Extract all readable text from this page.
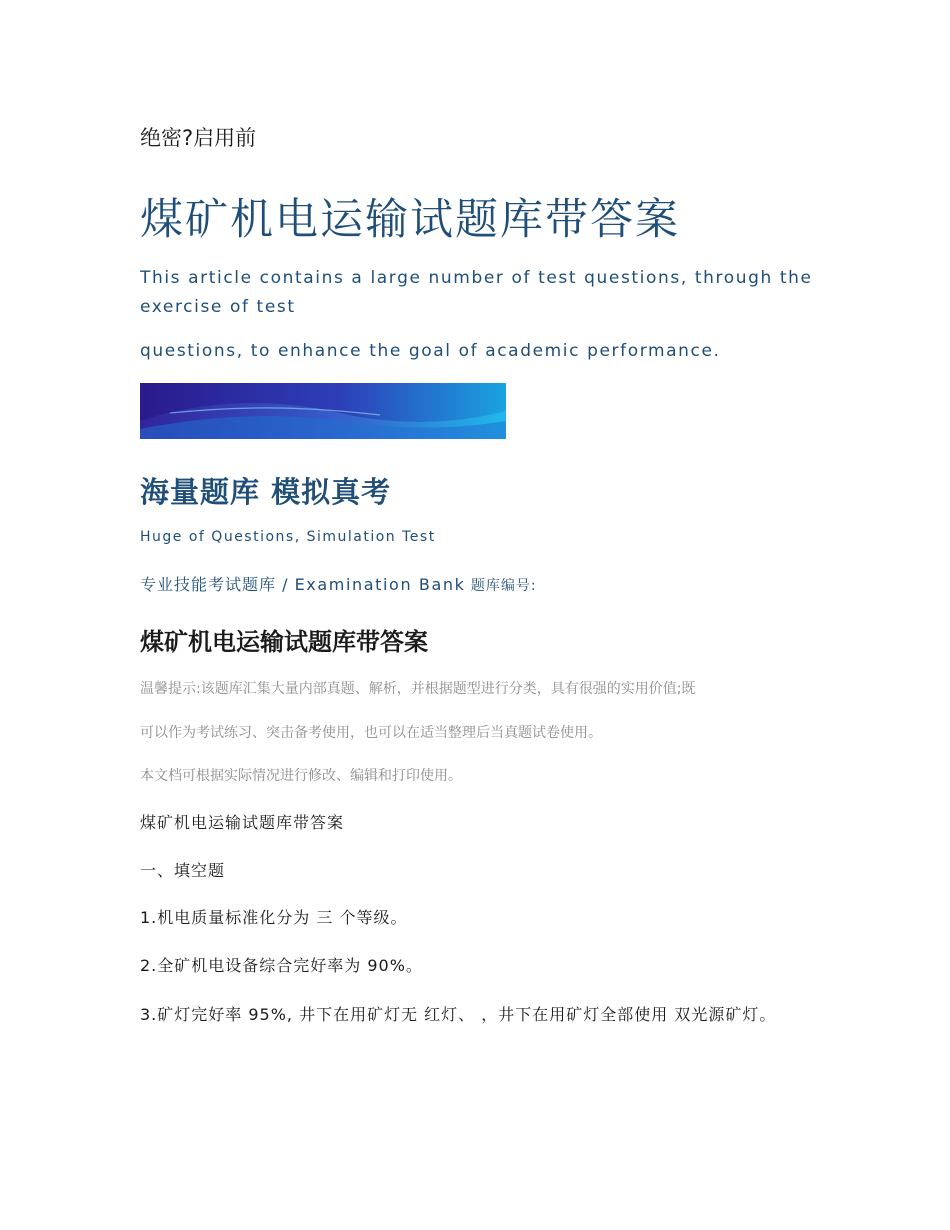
绝密?启用前

煤矿机电运输试题库带答案

This article contains a large number of test questions, through the exercise of test

questions, to enhance the goal of academic performance.

海量题库 模拟真考

Huge of Questions, Simulation Test

专业技能考试题库 / Examination Bank 题库编号:

煤矿机电运输试题库带答案

温馨提示:该题库汇集大量内部真题、解析，并根据题型进行分类，具有很强的实用价值;既

可以作为考试练习、突击备考使用，也可以在适当整理后当真题试卷使用。

本文档可根据实际情况进行修改、编辑和打印使用。

煤矿机电运输试题库带答案

一、填空题

1.机电质量标准化分为 三 个等级。

2.全矿机电设备综合完好率为 90%。

3.矿灯完好率 95%, 井下在用矿灯无 红灯、 ，井下在用矿灯全部使用 双光源矿灯。
